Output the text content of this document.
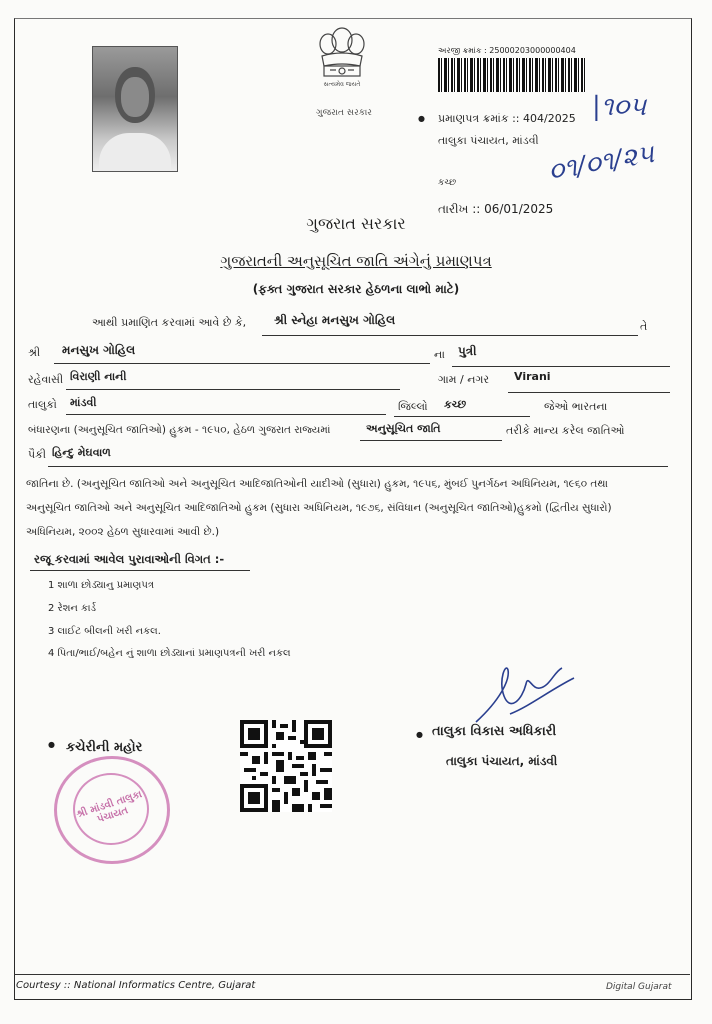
સત્યમેવ જયતે
ગુજરાત સરકાર
અરજી ક્રમાંક : 25000203000000404
● પ્રમાણપત્ર ક્રમાંક :: 404/2025
તાલુકા પંચાયત, માંડવી
કચ્છ
તારીખ :: 06/01/2025
|૧૦૫
૦૧/૦૧/૨૫
ગુજરાત સરકાર
ગુજરાતની અનુસૂચિત જાતિ અંગેનું પ્રમાણપત્ર
(ફક્ત ગુજરાત સરકાર હેઠળના લાભો માટે)
આથી પ્રમાણિત કરવામાં આવે છે કે, શ્રી સ્નેહા મનસુખ ગોહિલ	તે
શ્રી મનસુખ ગોહિલ	ના પુત્રી
રહેવાસી વિરાણી નાની	ગામ / નગર Virani
તાલુકો માંડવી	જિલ્લો કચ્છ	જેઓ ભારતના
બંધારણના (અનુસૂચિત જાતિઓ) હુકમ - ૧૯૫૦, હેઠળ ગુજરાત રાજ્યમાં	અનુસૂચિત જાતિ	તરીકે માન્ય કરેલ જાતિઓ
પૈકી હિન્દુ મેઘવાળ
જાતિના છે. (અનુસૂચિત જાતિઓ અને અનુસૂચિત આદિજાતિઓની યાદીઓ (સુધારા) હુકમ, ૧૯૫૬, મુંબઈ પુનર્ગઠન અધિનિયમ, ૧૯૬૦ તથા
અનુસૂચિત જાતિઓ અને અનુસૂચિત આદિજાતિઓ હુકમ (સુધારા અધિનિયમ, ૧૯૭૬, સંવિધાન (અનુસૂચિત જાતિઓ)હુકમો (દ્વિતીય સુધારો)
અધિનિયમ, ૨૦૦૨ હેઠળ સુધારવામાં આવી છે.)
રજૂ કરવામાં આવેલ પુરાવાઓની વિગત :-
1 શાળા છોડ્યાનુ પ્રમાણપત્ર
2 રેશન કાર્ડ
3 લાઈટ બીલની ખરી નકલ.
4 પિતા/ભાઈ/બહેન નું શાળા છોડ્યાનાં પ્રમાણપત્રની ખરી નકલ
કચેરીની મહોર
●
શ્રી માંડવી તાલુકા પંચાયત
તાલુકા વિકાસ અધિકારી
તાલુકા પંચાયત, માંડવી
●
Courtesy :: National Informatics Centre, Gujarat	Digital Gujarat
